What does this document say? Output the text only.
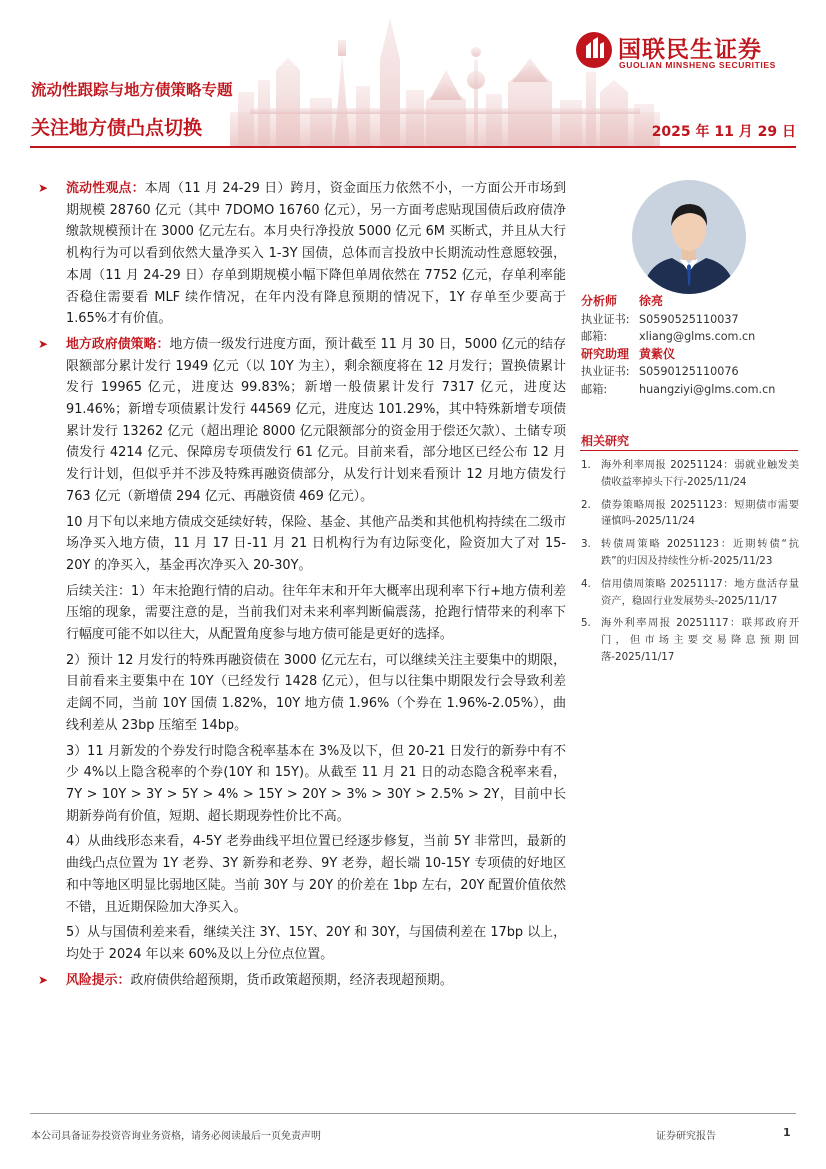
国联民生证券
GUOLIAN MINSHENG SECURITIES
流动性跟踪与地方债策略专题
关注地方债凸点切换	2025 年 11 月 29 日
➤ 流动性观点：本周（11 月 24-29 日）跨月，资金面压力依然不小，一方面公开市场到期规模 28760 亿元（其中 7DOMO 16760 亿元），另一方面考虑贴现国债后政府债净缴款规模预计在 3000 亿元左右。本月央行净投放 5000 亿元 6M 买断式，并且从大行机构行为可以看到依然大量净买入 1-3Y 国债，总体而言投放中长期流动性意愿较强，本周（11 月 24-29 日）存单到期规模小幅下降但单周依然在 7752 亿元，存单利率能否稳住需要看 MLF 续作情况，在年内没有降息预期的情况下，1Y 存单至少要高于 1.65%才有价值。
➤ 地方政府债策略：地方债一级发行进度方面，预计截至 11 月 30 日，5000 亿元的结存限额部分累计发行 1949 亿元（以 10Y 为主），剩余额度将在 12 月发行；置换债累计发行 19965 亿元，进度达 99.83%；新增一般债累计发行 7317 亿元，进度达 91.46%；新增专项债累计发行 44569 亿元，进度达 101.29%，其中特殊新增专项债累计发行 13262 亿元（超出理论 8000 亿元限额部分的资金用于偿还欠款）、土储专项债发行 4214 亿元、保障房专项债发行 61 亿元。目前来看，部分地区已经公布 12 月发行计划，但似乎并不涉及特殊再融资债部分，从发行计划来看预计 12 月地方债发行 763 亿元（新增债 294 亿元、再融资债 469 亿元）。
10 月下旬以来地方债成交延续好转，保险、基金、其他产品类和其他机构持续在二级市场净买入地方债，11 月 17 日-11 月 21 日机构行为有边际变化，险资加大了对 15-20Y 的净买入，基金再次净买入 20-30Y。
后续关注：1）年末抢跑行情的启动。往年年末和开年大概率出现利率下行+地方债利差压缩的现象，需要注意的是，当前我们对未来利率判断偏震荡，抢跑行情带来的利率下行幅度可能不如以往大，从配置角度参与地方债可能是更好的选择。
2）预计 12 月发行的特殊再融资债在 3000 亿元左右，可以继续关注主要集中的期限，目前看来主要集中在 10Y（已经发行 1428 亿元），但与以往集中期限发行会导致利差走阔不同，当前 10Y 国债 1.82%，10Y 地方债 1.96%（个券在 1.96%-2.05%），曲线利差从 23bp 压缩至 14bp。
3）11 月新发的个券发行时隐含税率基本在 3%及以下，但 20-21 日发行的新券中有不少 4%以上隐含税率的个券(10Y 和 15Y)。从截至 11 月 21 日的动态隐含税率来看，7Y > 10Y > 3Y > 5Y > 4% > 15Y > 20Y > 3% > 30Y > 2.5% > 2Y，目前中长期新券尚有价值，短期、超长期现券性价比不高。
4）从曲线形态来看，4-5Y 老券曲线平坦位置已经逐步修复，当前 5Y 非常凹，最新的曲线凸点位置为 1Y 老券、3Y 新券和老券、9Y 老券，超长端 10-15Y 专项债的好地区和中等地区明显比弱地区陡。当前 30Y 与 20Y 的价差在 1bp 左右，20Y 配置价值依然不错，且近期保险加大净买入。
5）从与国债利差来看，继续关注 3Y、15Y、20Y 和 30Y，与国债利差在 17bp 以上，均处于 2024 年以来 60%及以上分位点位置。
➤ 风险提示：政府债供给超预期，货币政策超预期，经济表现超预期。
分析师 徐亮
执业证书: S0590525110037
邮箱:	xliang@glms.com.cn
研究助理 黄紫仪
执业证书: S0590125110076
邮箱:	huangziyi@glms.com.cn
相关研究
1. 海外利率周报 20251124：弱就业触发美债收益率掉头下行-2025/11/24
2. 债券策略周报 20251123：短期债市需要谨慎吗-2025/11/24
3. 转债周策略 20251123：近期转债“抗跌”的归因及持续性分析-2025/11/23
4. 信用债周策略 20251117：地方盘活存量资产，稳固行业发展势头-2025/11/17
5. 海外利率周报 20251117：联邦政府开门，但市场主要交易降息预期回落-2025/11/17
本公司具备证券投资咨询业务资格，请务必阅读最后一页免责声明	证券研究报告	1
